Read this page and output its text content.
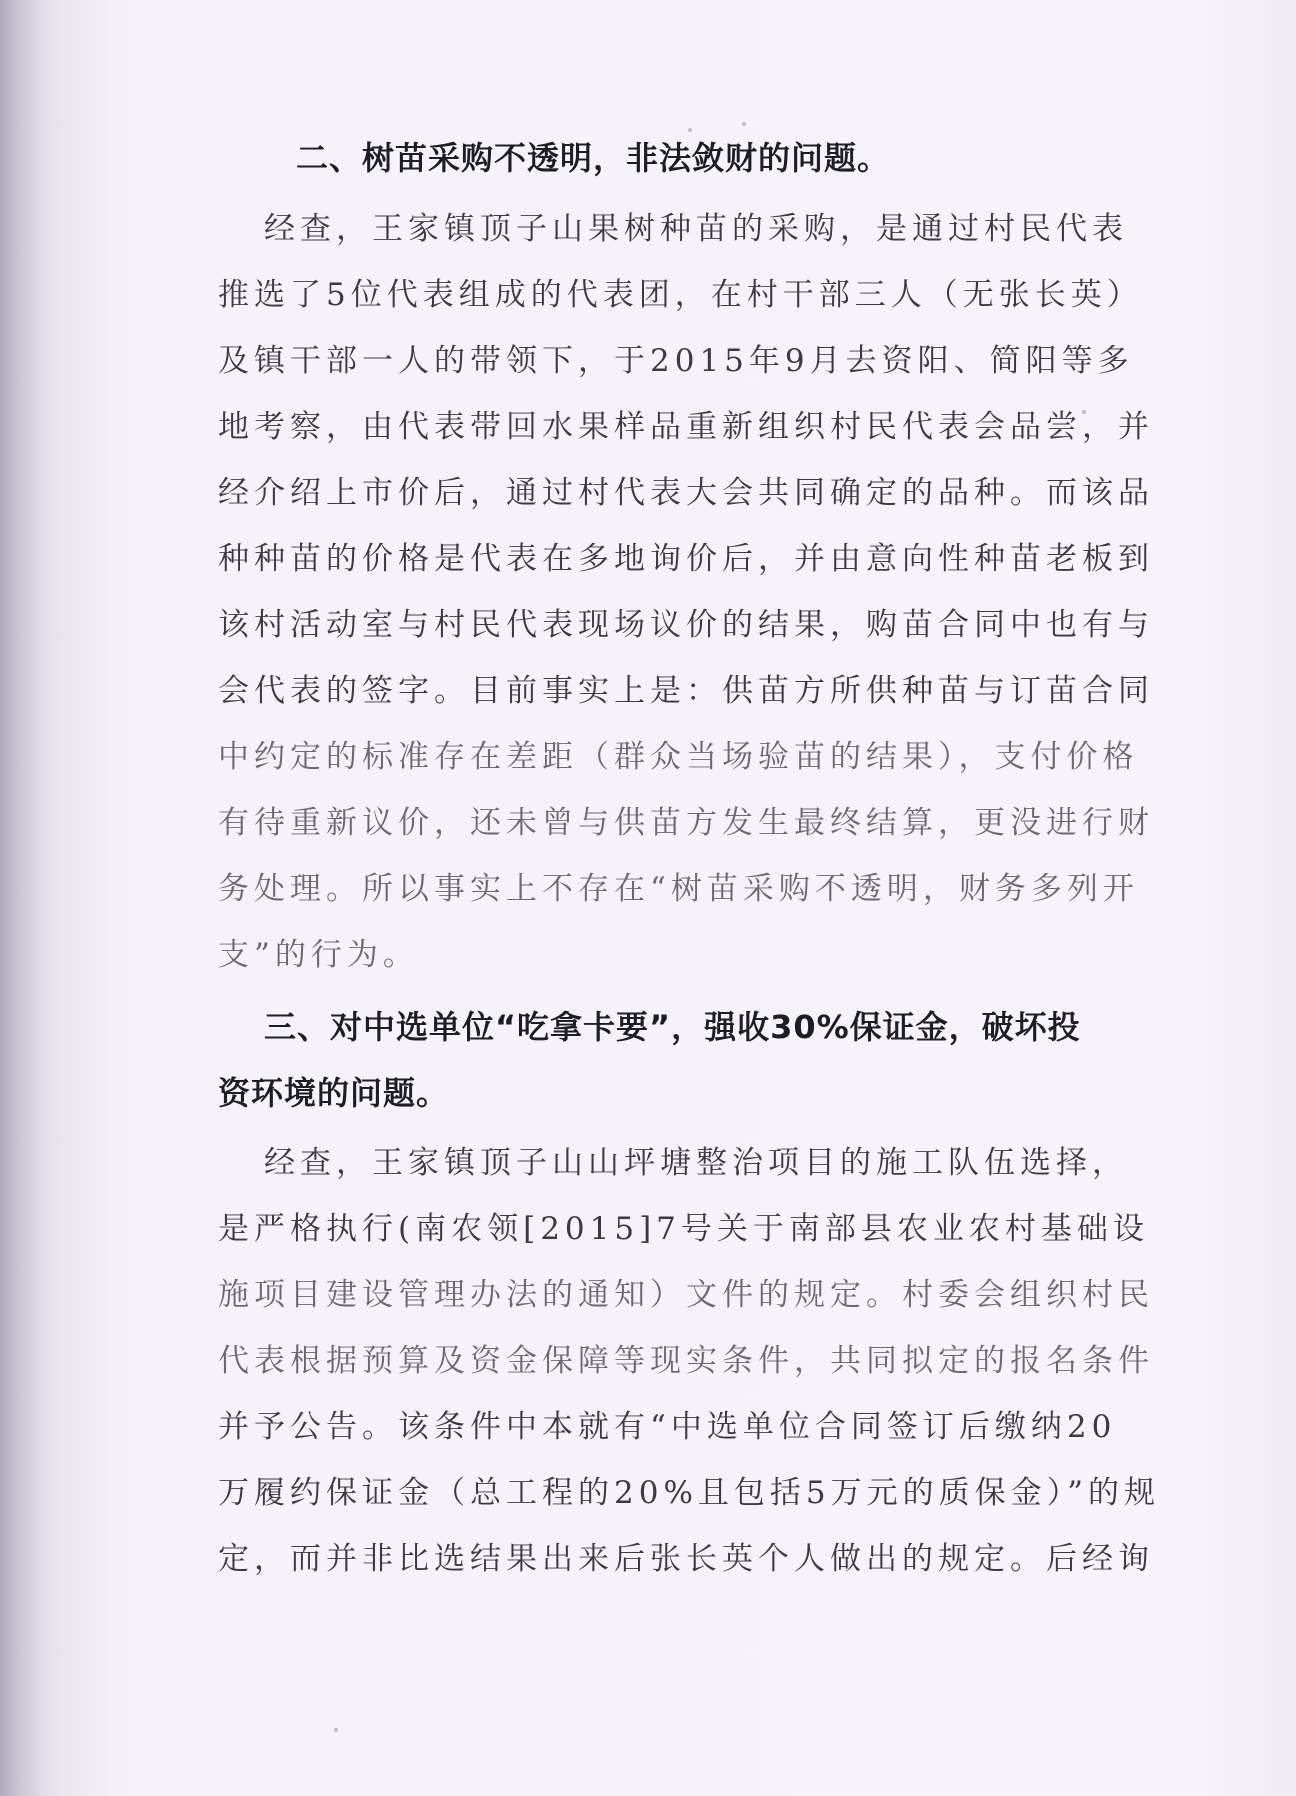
二、树苗采购不透明，非法敛财的问题。

经查，王家镇顶子山果树种苗的采购，是通过村民代表
推选了5位代表组成的代表团，在村干部三人（无张长英）
及镇干部一人的带领下，于2015年9月去资阳、简阳等多
地考察，由代表带回水果样品重新组织村民代表会品尝，并
经介绍上市价后，通过村代表大会共同确定的品种。而该品
种种苗的价格是代表在多地询价后，并由意向性种苗老板到
该村活动室与村民代表现场议价的结果，购苗合同中也有与
会代表的签字。目前事实上是：供苗方所供种苗与订苗合同
中约定的标准存在差距（群众当场验苗的结果），支付价格
有待重新议价，还未曾与供苗方发生最终结算，更没进行财
务处理。所以事实上不存在“树苗采购不透明，财务多列开
支”的行为。

三、对中选单位“吃拿卡要”，强收30%保证金，破坏投
资环境的问题。

经查，王家镇顶子山山坪塘整治项目的施工队伍选择，
是严格执行(南农领[2015]7号关于南部县农业农村基础设
施项目建设管理办法的通知）文件的规定。村委会组织村民
代表根据预算及资金保障等现实条件，共同拟定的报名条件
并予公告。该条件中本就有“中选单位合同签订后缴纳20
万履约保证金（总工程的20%且包括5万元的质保金）”的规
定，而并非比选结果出来后张长英个人做出的规定。后经询
